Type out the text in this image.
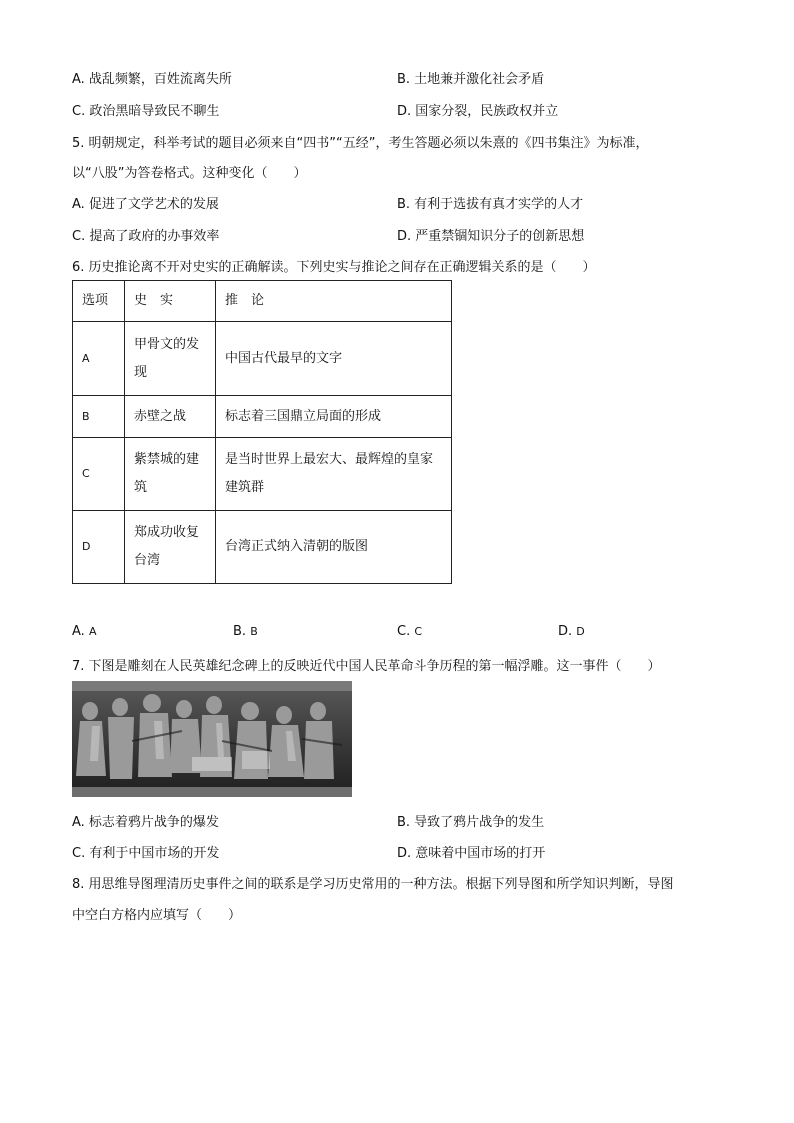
A. 战乱频繁，百姓流离失所	B. 土地兼并激化社会矛盾
C. 政治黑暗导致民不聊生	D. 国家分裂，民族政权并立
5. 明朝规定，科举考试的题目必须来自“四书”“五经”，考生答题必须以朱熹的《四书集注》为标准，
以“八股”为答卷格式。这种变化（　　）
A. 促进了文学艺术的发展	B. 有利于选拔有真才实学的人才
C. 提高了政府的办事效率	D. 严重禁锢知识分子的创新思想
6. 历史推论离不开对史实的正确解读。下列史实与推论之间存在正确逻辑关系的是（　　）
选项	史　实	推　论
A	甲骨文的发现	中国古代最早的文字
B	赤壁之战	标志着三国鼎立局面的形成
C	紫禁城的建筑	是当时世界上最宏大、最辉煌的皇家建筑群
D	郑成功收复台湾	台湾正式纳入清朝的版图
A. A	B. B	C. C	D. D
7. 下图是雕刻在人民英雄纪念碑上的反映近代中国人民革命斗争历程的第一幅浮雕。这一事件（　　）
A. 标志着鸦片战争的爆发	B. 导致了鸦片战争的发生
C. 有利于中国市场的开发	D. 意味着中国市场的打开
8. 用思维导图理清历史事件之间的联系是学习历史常用的一种方法。根据下列导图和所学知识判断，导图
中空白方格内应填写（　　）
